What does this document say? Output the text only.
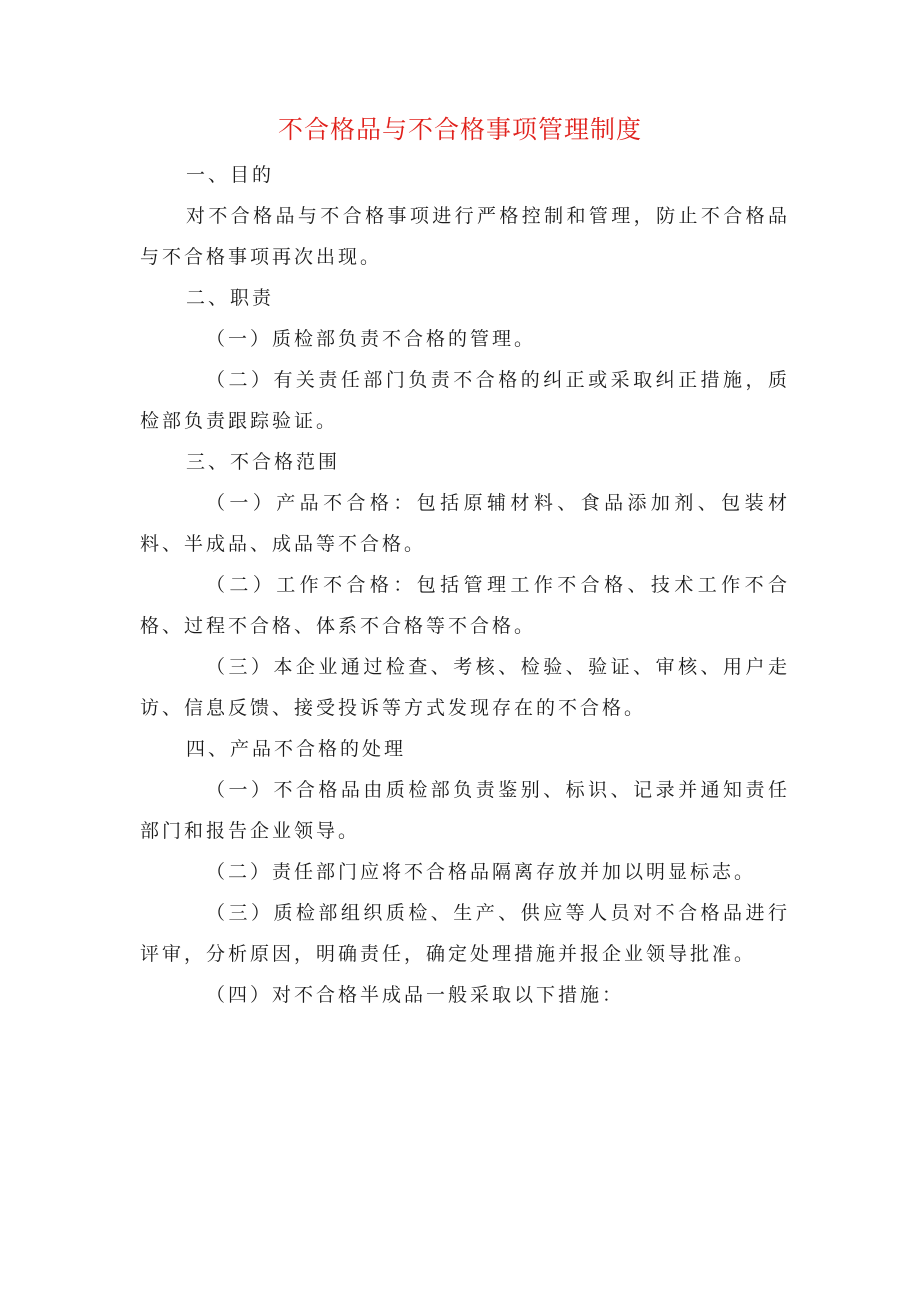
不合格品与不合格事项管理制度

一、目的

对不合格品与不合格事项进行严格控制和管理，防止不合格品与不合格事项再次出现。

二、职责

（一）质检部负责不合格的管理。

（二）有关责任部门负责不合格的纠正或采取纠正措施，质检部负责跟踪验证。

三、不合格范围

（一）产品不合格：包括原辅材料、食品添加剂、包装材料、半成品、成品等不合格。

（二）工作不合格：包括管理工作不合格、技术工作不合格、过程不合格、体系不合格等不合格。

（三）本企业通过检查、考核、检验、验证、审核、用户走访、信息反馈、接受投诉等方式发现存在的不合格。

四、产品不合格的处理

（一）不合格品由质检部负责鉴别、标识、记录并通知责任部门和报告企业领导。

（二）责任部门应将不合格品隔离存放并加以明显标志。

（三）质检部组织质检、生产、供应等人员对不合格品进行评审，分析原因，明确责任，确定处理措施并报企业领导批准。

（四）对不合格半成品一般采取以下措施：
